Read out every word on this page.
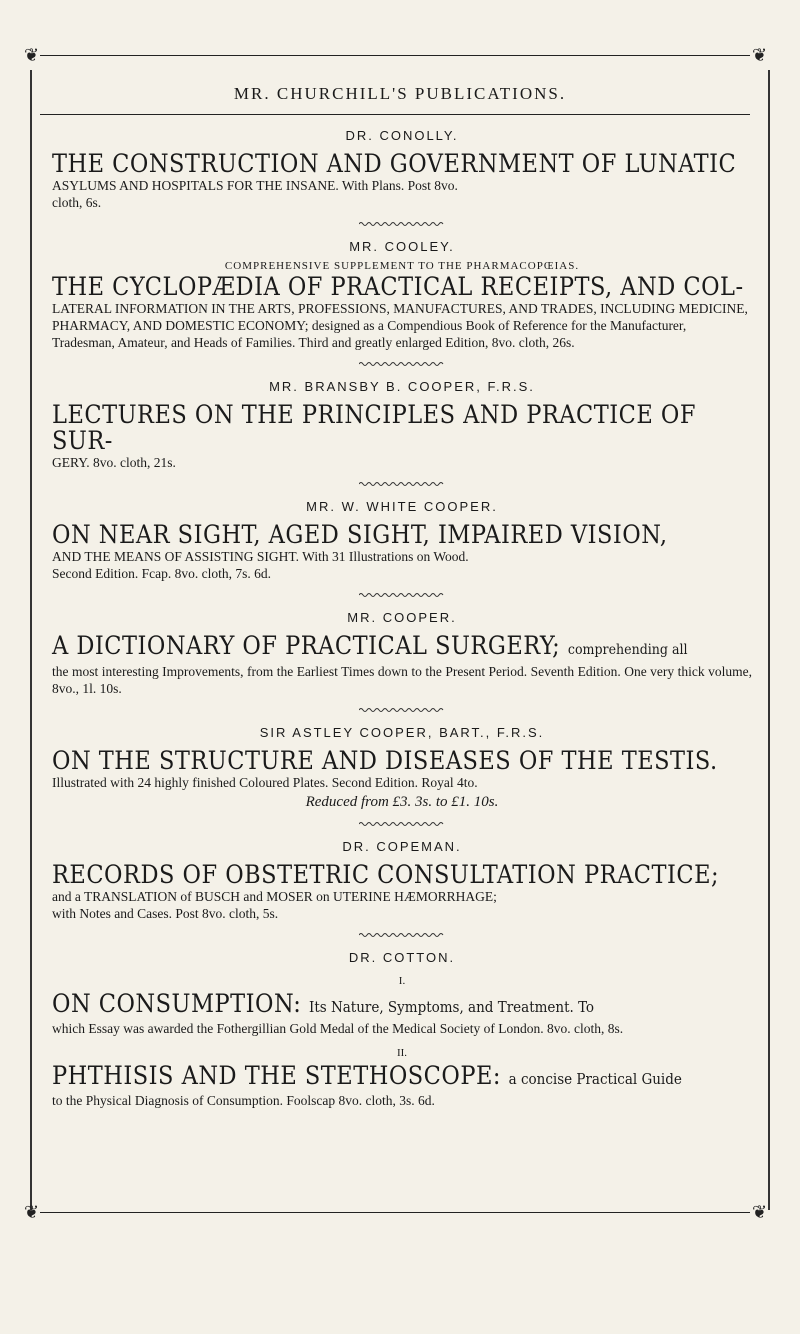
❦	❦
MR. CHURCHILL'S PUBLICATIONS.

DR. CONOLLY.

THE CONSTRUCTION AND GOVERNMENT OF LUNATIC

ASYLUMS AND HOSPITALS FOR THE INSANE. With Plans. Post 8vo.

cloth, 6s.

MR. COOLEY.

COMPREHENSIVE SUPPLEMENT TO THE PHARMACOPŒIAS.

THE CYCLOPÆDIA OF PRACTICAL RECEIPTS, AND COL-

LATERAL INFORMATION IN THE ARTS, PROFESSIONS, MANUFACTURES, AND TRADES, INCLUDING MEDICINE, PHARMACY, AND DOMESTIC ECONOMY; designed as a Compendious Book of Reference for the Manufacturer, Tradesman, Amateur, and Heads of Families. Third and greatly enlarged Edition, 8vo. cloth, 26s.

MR. BRANSBY B. COOPER, F.R.S.

LECTURES ON THE PRINCIPLES AND PRACTICE OF SUR-

GERY. 8vo. cloth, 21s.

MR. W. WHITE COOPER.

ON NEAR SIGHT, AGED SIGHT, IMPAIRED VISION,

AND THE MEANS OF ASSISTING SIGHT. With 31 Illustrations on Wood.

Second Edition. Fcap. 8vo. cloth, 7s. 6d.

MR. COOPER.

A DICTIONARY OF PRACTICAL SURGERY; comprehending all

the most interesting Improvements, from the Earliest Times down to the Present Period. Seventh Edition. One very thick volume, 8vo., 1l. 10s.

SIR ASTLEY COOPER, BART., F.R.S.

ON THE STRUCTURE AND DISEASES OF THE TESTIS.

Illustrated with 24 highly finished Coloured Plates. Second Edition. Royal 4to.

Reduced from £3. 3s. to £1. 10s.

DR. COPEMAN.

RECORDS OF OBSTETRIC CONSULTATION PRACTICE;

and a TRANSLATION of BUSCH and MOSER on UTERINE HÆMORRHAGE;

with Notes and Cases. Post 8vo. cloth, 5s.

DR. COTTON.

I.

ON CONSUMPTION: Its Nature, Symptoms, and Treatment. To

which Essay was awarded the Fothergillian Gold Medal of the Medical Society of London. 8vo. cloth, 8s.

II.

PHTHISIS AND THE STETHOSCOPE: a concise Practical Guide

to the Physical Diagnosis of Consumption. Foolscap 8vo. cloth, 3s. 6d.

❦	❦
